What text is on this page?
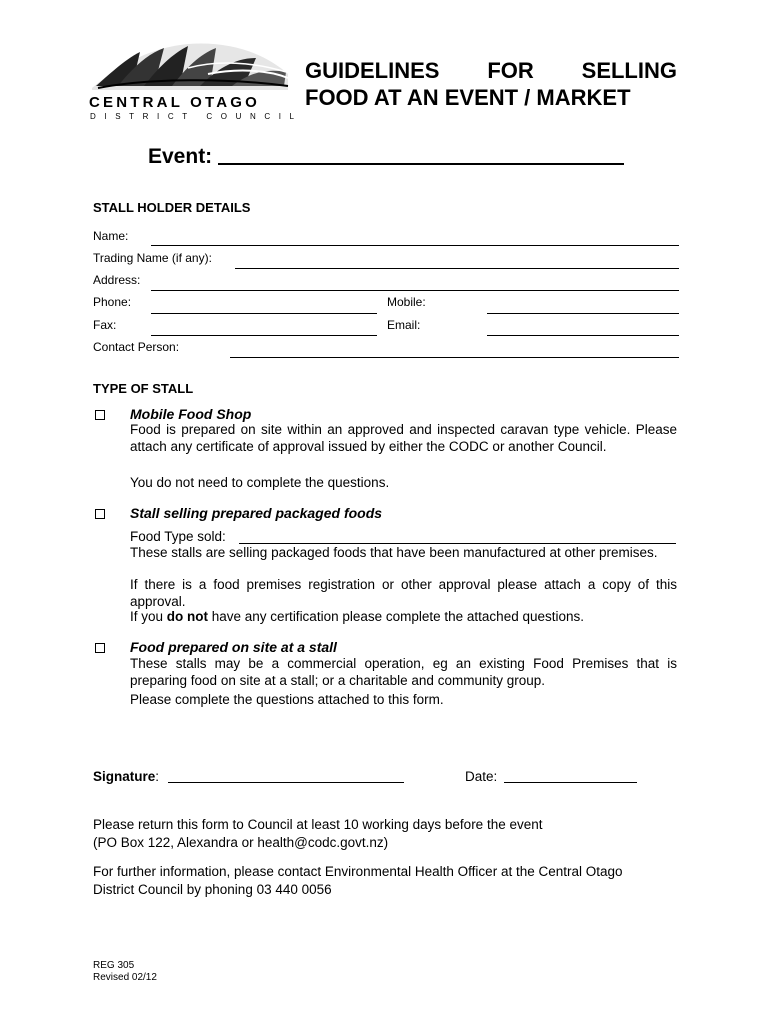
CENTRAL OTAGO
DISTRICT COUNCIL
GUIDELINES FOR SELLING
FOOD AT AN EVENT / MARKET
Event:
STALL HOLDER DETAILS
Name:
Trading Name (if any):
Address:
Phone:	Mobile:
Fax:	Email:
Contact Person:
TYPE OF STALL
Mobile Food Shop
Food is prepared on site within an approved and inspected caravan type vehicle. Please attach any certificate of approval issued by either the CODC or another Council.
You do not need to complete the questions.
Stall selling prepared packaged foods
Food Type sold:
These stalls are selling packaged foods that have been manufactured at other premises.
If there is a food premises registration or other approval please attach a copy of this approval.
If you do not have any certification please complete the attached questions.
Food prepared on site at a stall
These stalls may be a commercial operation, eg an existing Food Premises that is preparing food on site at a stall; or a charitable and community group.
Please complete the questions attached to this form.
Signature:	Date:
Please return this form to Council at least 10 working days before the event
(PO Box 122, Alexandra or health@codc.govt.nz)
For further information, please contact Environmental Health Officer at the Central Otago
District Council by phoning 03 440 0056
REG 305
Revised 02/12
